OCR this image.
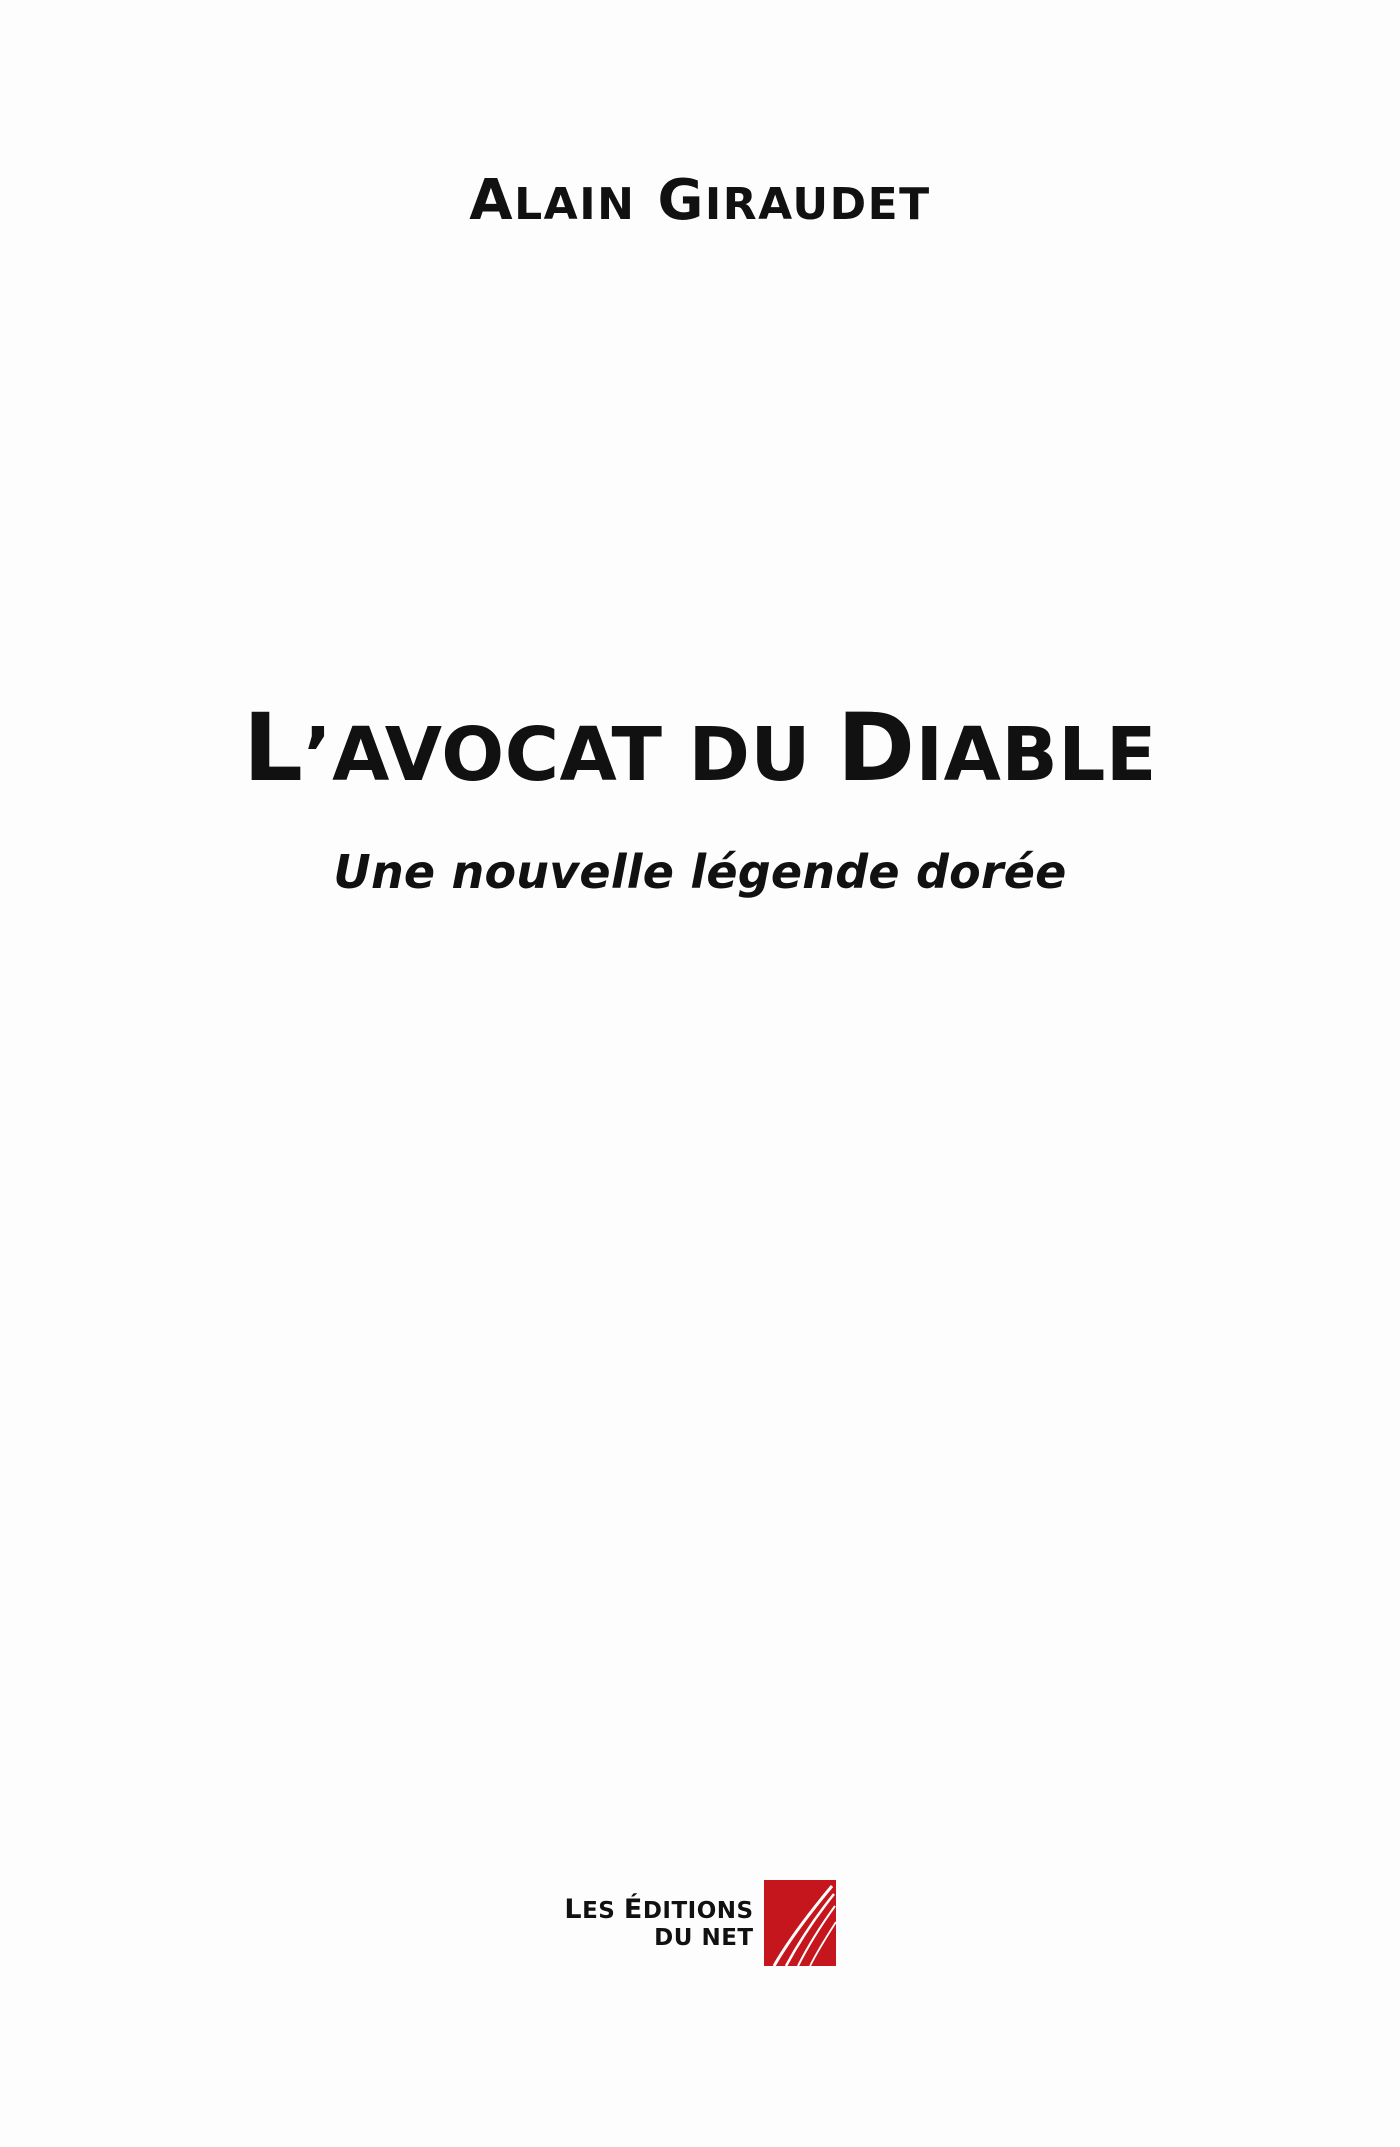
ALAIN GIRAUDET
L’AVOCAT DU DIABLE
Une nouvelle légende dorée
LES ÉDITIONS
DU NET
